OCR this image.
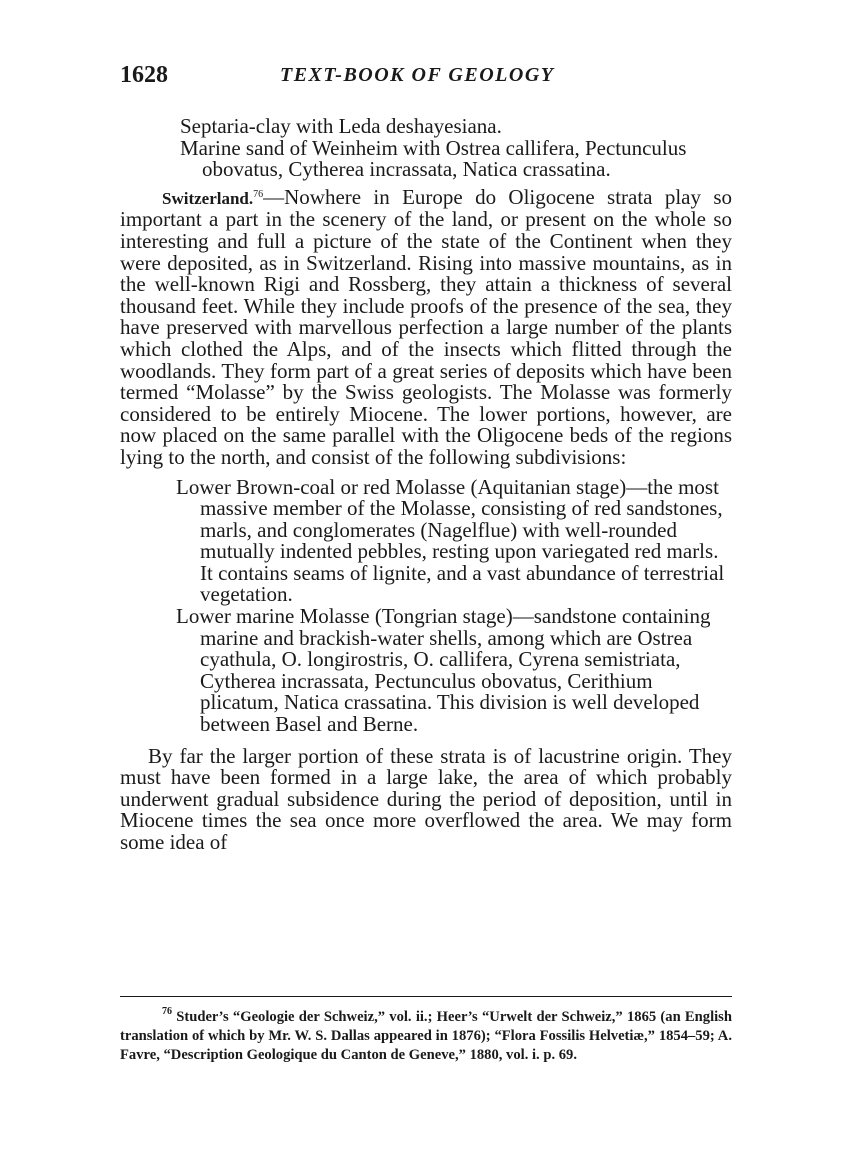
1628	TEXT-BOOK OF GEOLOGY
Septaria-clay with Leda deshayesiana.
Marine sand of Weinheim with Ostrea callifera, Pectunculus obovatus, Cytherea incrassata, Natica crassatina.

Switzerland.$^{76}$—Nowhere in Europe do Oligocene strata play so important a part in the scenery of the land, or present on the whole so interesting and full a picture of the state of the Continent when they were deposited, as in Switzerland. Rising into massive mountains, as in the well-known Rigi and Rossberg, they attain a thickness of several thousand feet. While they include proofs of the presence of the sea, they have preserved with marvellous perfection a large number of the plants which clothed the Alps, and of the insects which flitted through the woodlands. They form part of a great series of deposits which have been termed “Molasse” by the Swiss geologists. The Molasse was formerly considered to be entirely Miocene. The lower portions, however, are now placed on the same parallel with the Oligocene beds of the regions lying to the north, and consist of the following subdivisions:

Lower Brown-coal or red Molasse (Aquitanian stage)—the most massive member of the Molasse, consisting of red sandstones, marls, and conglomerates (Nagelflue) with well-rounded mutually indented pebbles, resting upon variegated red marls. It contains seams of lignite, and a vast abundance of terrestrial vegetation.
Lower marine Molasse (Tongrian stage)—sandstone containing marine and brackish-water shells, among which are Ostrea cyathula, O. longirostris, O. callifera, Cyrena semistriata, Cytherea incrassata, Pectunculus obovatus, Cerithium plicatum, Natica crassatina. This division is well developed between Basel and Berne.

By far the larger portion of these strata is of lacustrine origin. They must have been formed in a large lake, the area of which probably underwent gradual subsidence during the period of deposition, until in Miocene times the sea once more overflowed the area. We may form some idea of

$^{76}$ Studer’s “Geologie der Schweiz,” vol. ii.; Heer’s “Urwelt der Schweiz,” 1865 (an English translation of which by Mr. W. S. Dallas appeared in 1876); “Flora Fossilis Helvetiæ,” 1854–59; A. Favre, “Description Geologique du Canton de Geneve,” 1880, vol. i. p. 69.
